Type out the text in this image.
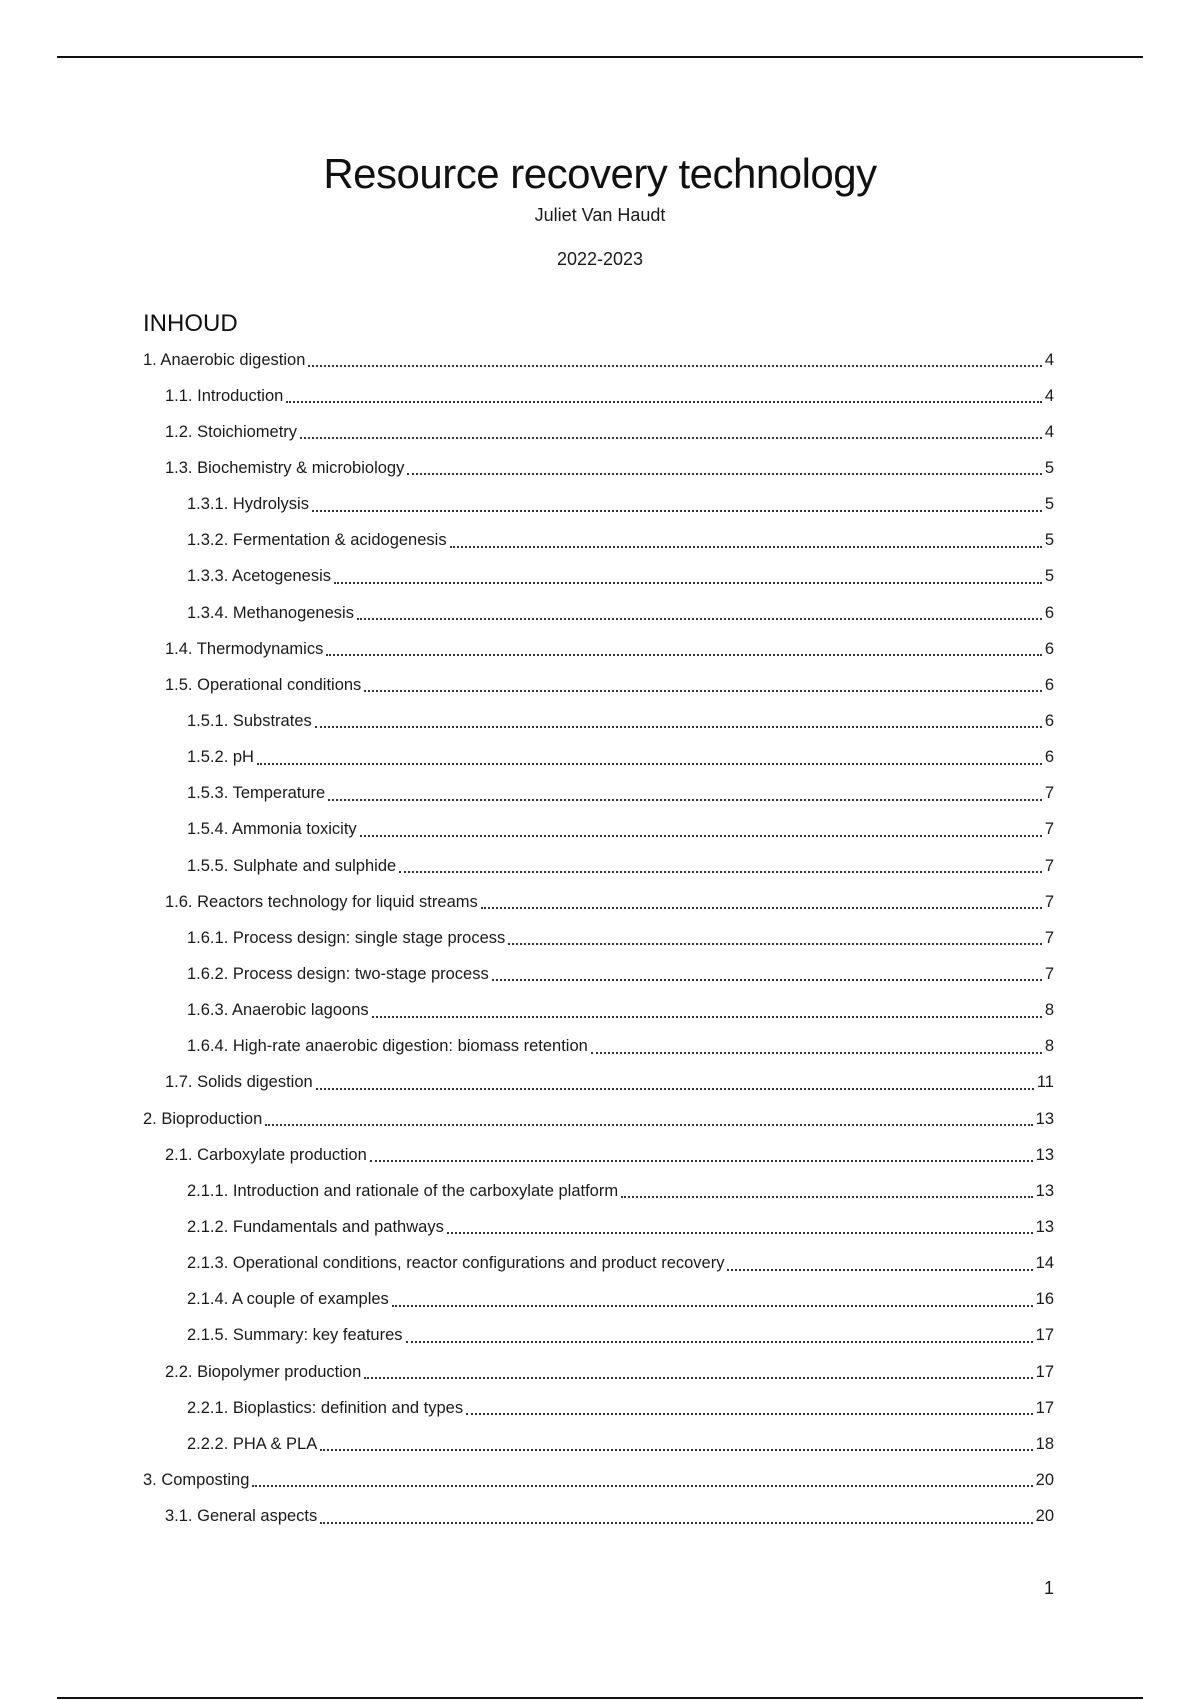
Resource recovery technology
Juliet Van Haudt
2022-2023
INHOUD
1. Anaerobic digestion	4
1.1. Introduction	4
1.2. Stoichiometry	4
1.3. Biochemistry & microbiology	5
1.3.1. Hydrolysis	5
1.3.2. Fermentation & acidogenesis	5
1.3.3. Acetogenesis	5
1.3.4. Methanogenesis	6
1.4. Thermodynamics	6
1.5. Operational conditions	6
1.5.1. Substrates	6
1.5.2. pH	6
1.5.3. Temperature	7
1.5.4. Ammonia toxicity	7
1.5.5. Sulphate and sulphide	7
1.6. Reactors technology for liquid streams	7
1.6.1. Process design: single stage process	7
1.6.2. Process design: two-stage process	7
1.6.3. Anaerobic lagoons	8
1.6.4. High-rate anaerobic digestion: biomass retention	8
1.7. Solids digestion	11
2. Bioproduction	13
2.1. Carboxylate production	13
2.1.1. Introduction and rationale of the carboxylate platform	13
2.1.2. Fundamentals and pathways	13
2.1.3. Operational conditions, reactor configurations and product recovery	14
2.1.4. A couple of examples	16
2.1.5. Summary: key features	17
2.2. Biopolymer production	17
2.2.1. Bioplastics: definition and types	17
2.2.2. PHA & PLA	18
3. Composting	20
3.1. General aspects	20
1
